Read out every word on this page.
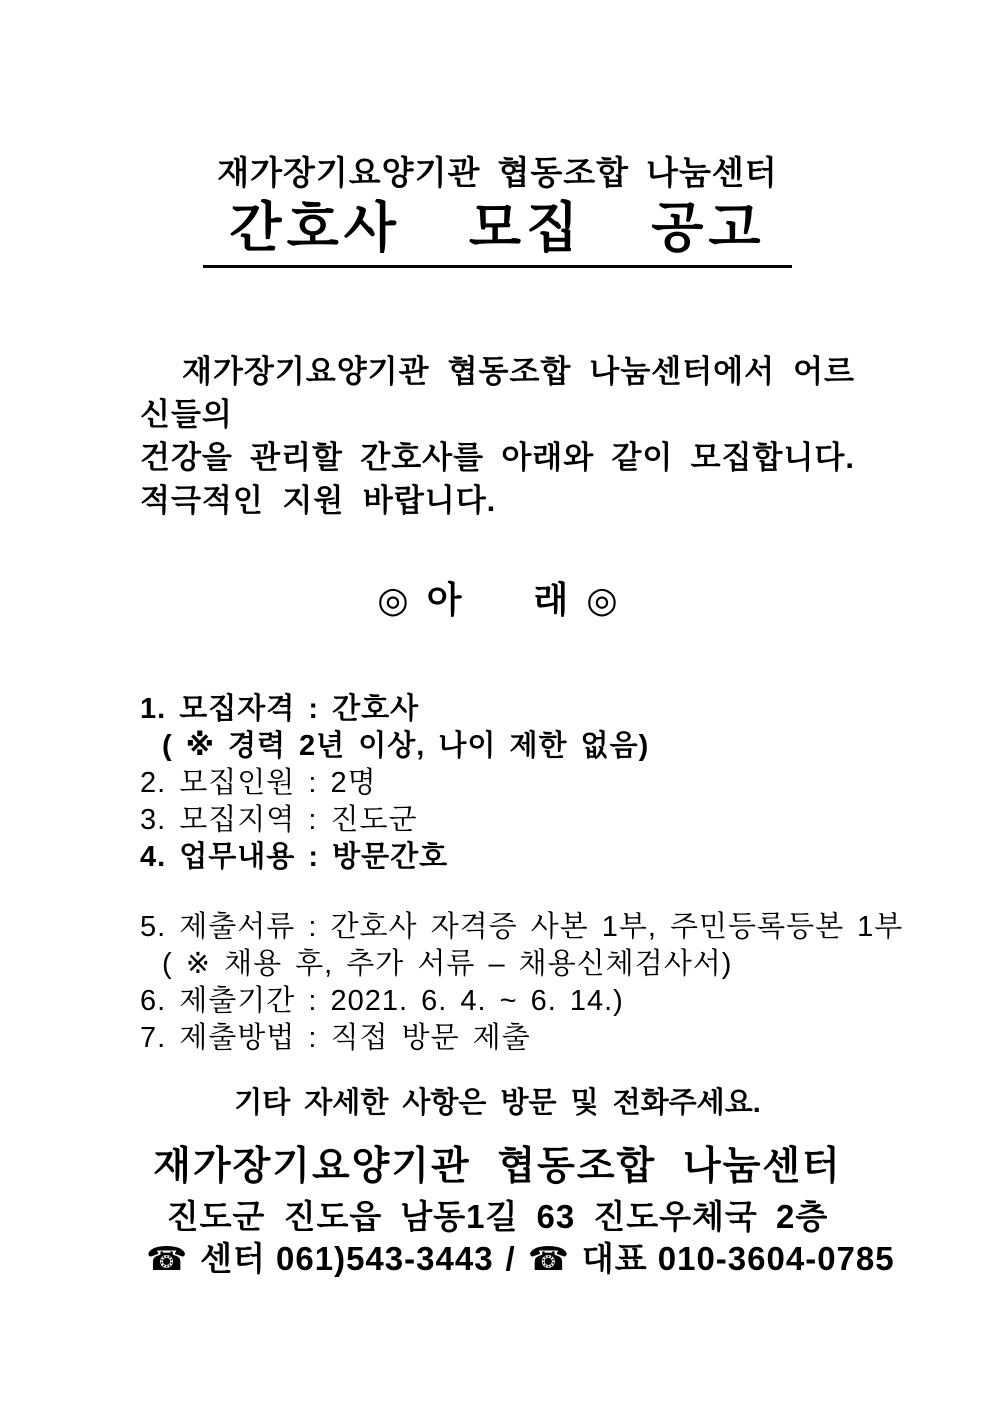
재가장기요양기관 협동조합 나눔센터
간호사 모집 공고
재가장기요양기관 협동조합 나눔센터에서 어르신들의
건강을 관리할 간호사를 아래와 같이 모집합니다.
적극적인 지원 바랍니다.
◎ 아 래 ◎
1. 모집자격 : 간호사
( ※ 경력 2년 이상, 나이 제한 없음)
2. 모집인원 : 2명
3. 모집지역 : 진도군
4. 업무내용 : 방문간호
5. 제출서류 : 간호사 자격증 사본 1부, 주민등록등본 1부
( ※ 채용 후, 추가 서류 – 채용신체검사서)
6. 제출기간 : 2021. 6. 4. ~ 6. 14.)
7. 제출방법 : 직접 방문 제출
기타 자세한 사항은 방문 및 전화주세요.
재가장기요양기관 협동조합 나눔센터
진도군 진도읍 남동1길 63 진도우체국 2층
☎ 센터 061)543-3443 / ☎ 대표 010-3604-0785
